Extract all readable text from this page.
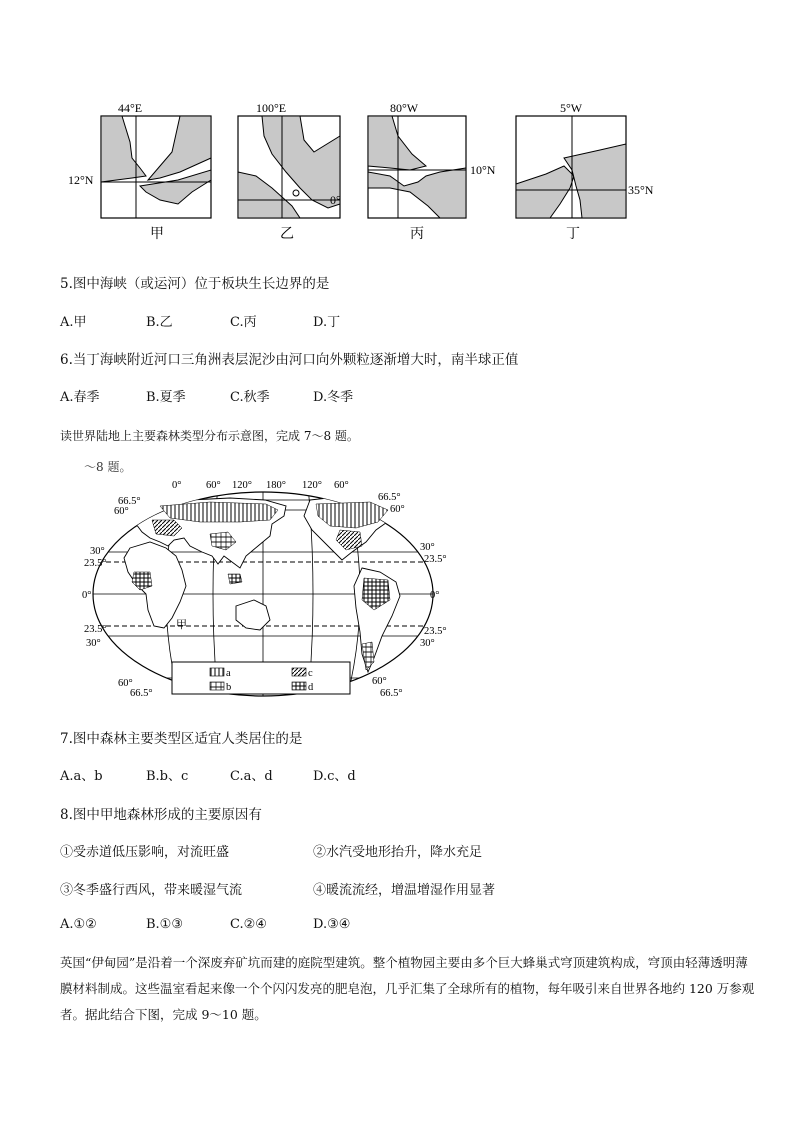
44°E
12°N
甲
100°E
0°
乙
80°W
10°N
丙
5°W
35°N
丁
5.图中海峡（或运河）位于板块生长边界的是
A.甲	B.乙	C.丙	D.丁
6.当丁海峡附近河口三角洲表层泥沙由河口向外颗粒逐渐增大时，南半球正值
A.春季	B.夏季	C.秋季	D.冬季
读世界陆地上主要森林类型分布示意图，完成 7～8 题。
～8 题。
甲
0° 60° 120° 180° 120° 60°
66.5°
60°
30°
23.5°
0°
23.5°
30°
60°
66.5°
66.5°
60°
30°
23.5°
0°
23.5°
30°
60°
66.5°
a
b
c
d
7.图中森林主要类型区适宜人类居住的是
A.a、b	B.b、c	C.a、d	D.c、d
8.图中甲地森林形成的主要原因有
①受赤道低压影响，对流旺盛	②水汽受地形抬升，降水充足
③冬季盛行西风，带来暖湿气流	④暖流流经，增温增湿作用显著
A.①②	B.①③	C.②④	D.③④
英国“伊甸园”是沿着一个深废弃矿坑而建的庭院型建筑。整个植物园主要由多个巨大蜂巢式穹顶建筑构成，穹顶由轻薄透明薄膜材料制成。这些温室看起来像一个个闪闪发亮的肥皂泡，几乎汇集了全球所有的植物，每年吸引来自世界各地约 120 万参观者。据此结合下图，完成 9～10 题。
